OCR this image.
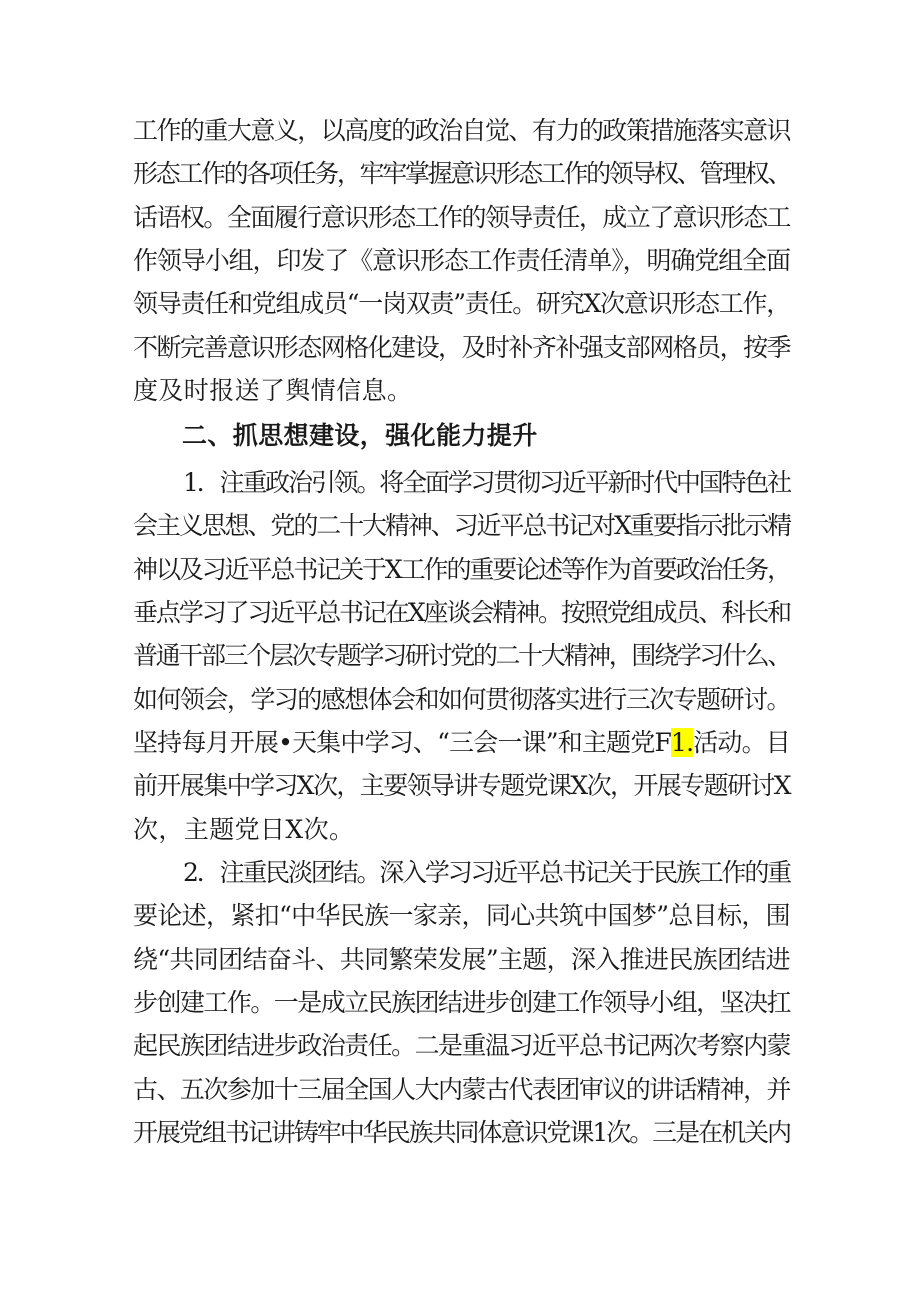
工作的重大意义，以高度的政治自觉、有力的政策措施落实意识
形态工作的各项任务，牢牢掌握意识形态工作的领导权、管理权、
话语权。全面履行意识形态工作的领导责任，成立了意识形态工
作领导小组，印发了《意识形态工作责任清单》，明确党组全面
领导责任和党组成员“一岗双责”责任。研究X次意识形态工作，
不断完善意识形态网格化建设，及时补齐补强支部网格员，按季
度及时报送了舆情信息。
二、抓思想建设，强化能力提升
1．注重政治引领。将全面学习贯彻习近平新时代中国特色社
会主义思想、党的二十大精神、习近平总书记对X重要指示批示精
神以及习近平总书记关于X工作的重要论述等作为首要政治任务，
垂点学习了习近平总书记在X座谈会精神。按照党组成员、科长和
普通干部三个层次专题学习研讨党的二十大精神，围绕学习什么、
如何领会，学习的感想体会和如何贯彻落实进行三次专题研讨。
坚持每月开展•天集中学习、“三会一课”和主题党F1.活动。目
前开展集中学习X次，主要领导讲专题党课X次，开展专题研讨X
次，主题党日X次。
2．注重民淡团结。深入学习习近平总书记关于民族工作的重
要论述，紧扣“中华民族一家亲，同心共筑中国梦”总目标，围
绕“共同团结奋斗、共同繁荣发展”主题，深入推进民族团结进
步创建工作。一是成立民族团结进步创建工作领导小组，坚决扛
起民族团结进步政治责任。二是重温习近平总书记两次考察内蒙
古、五次参加十三届全国人大内蒙古代表团审议的讲话精神，并
开展党组书记讲铸牢中华民族共同体意识党课1次。三是在机关内
